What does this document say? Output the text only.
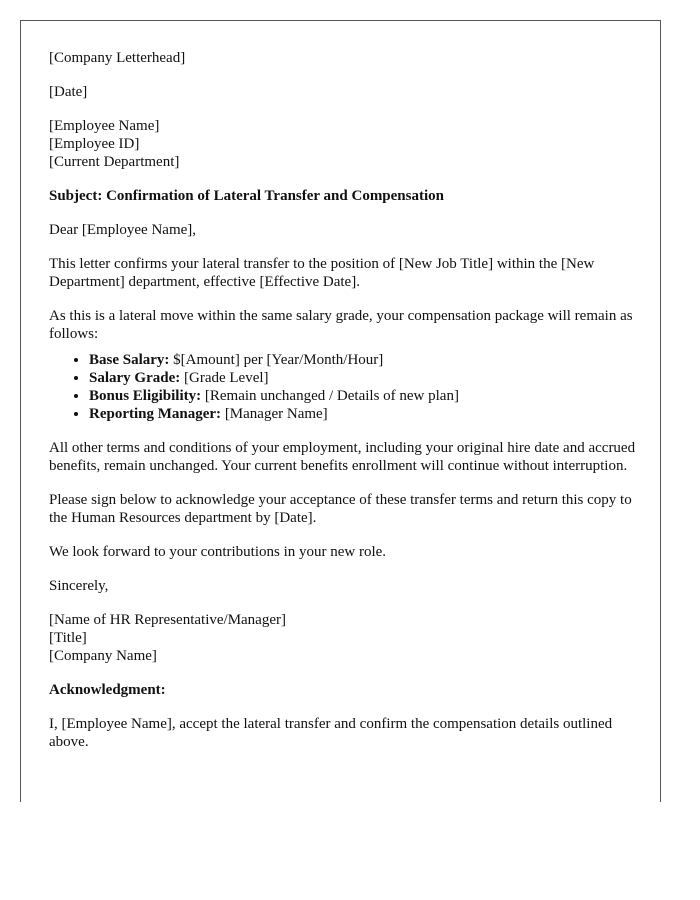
[Company Letterhead]

[Date]

[Employee Name]
[Employee ID]
[Current Department]

Subject: Confirmation of Lateral Transfer and Compensation

Dear [Employee Name],

This letter confirms your lateral transfer to the position of [New Job Title] within the [New Department] department, effective [Effective Date].

As this is a lateral move within the same salary grade, your compensation package will remain as follows:

• Base Salary: $[Amount] per [Year/Month/Hour]
• Salary Grade: [Grade Level]
• Bonus Eligibility: [Remain unchanged / Details of new plan]
• Reporting Manager: [Manager Name]

All other terms and conditions of your employment, including your original hire date and accrued benefits, remain unchanged. Your current benefits enrollment will continue without interruption.

Please sign below to acknowledge your acceptance of these transfer terms and return this copy to the Human Resources department by [Date].

We look forward to your contributions in your new role.

Sincerely,

[Name of HR Representative/Manager]
[Title]
[Company Name]

Acknowledgment:

I, [Employee Name], accept the lateral transfer and confirm the compensation details outlined above.
